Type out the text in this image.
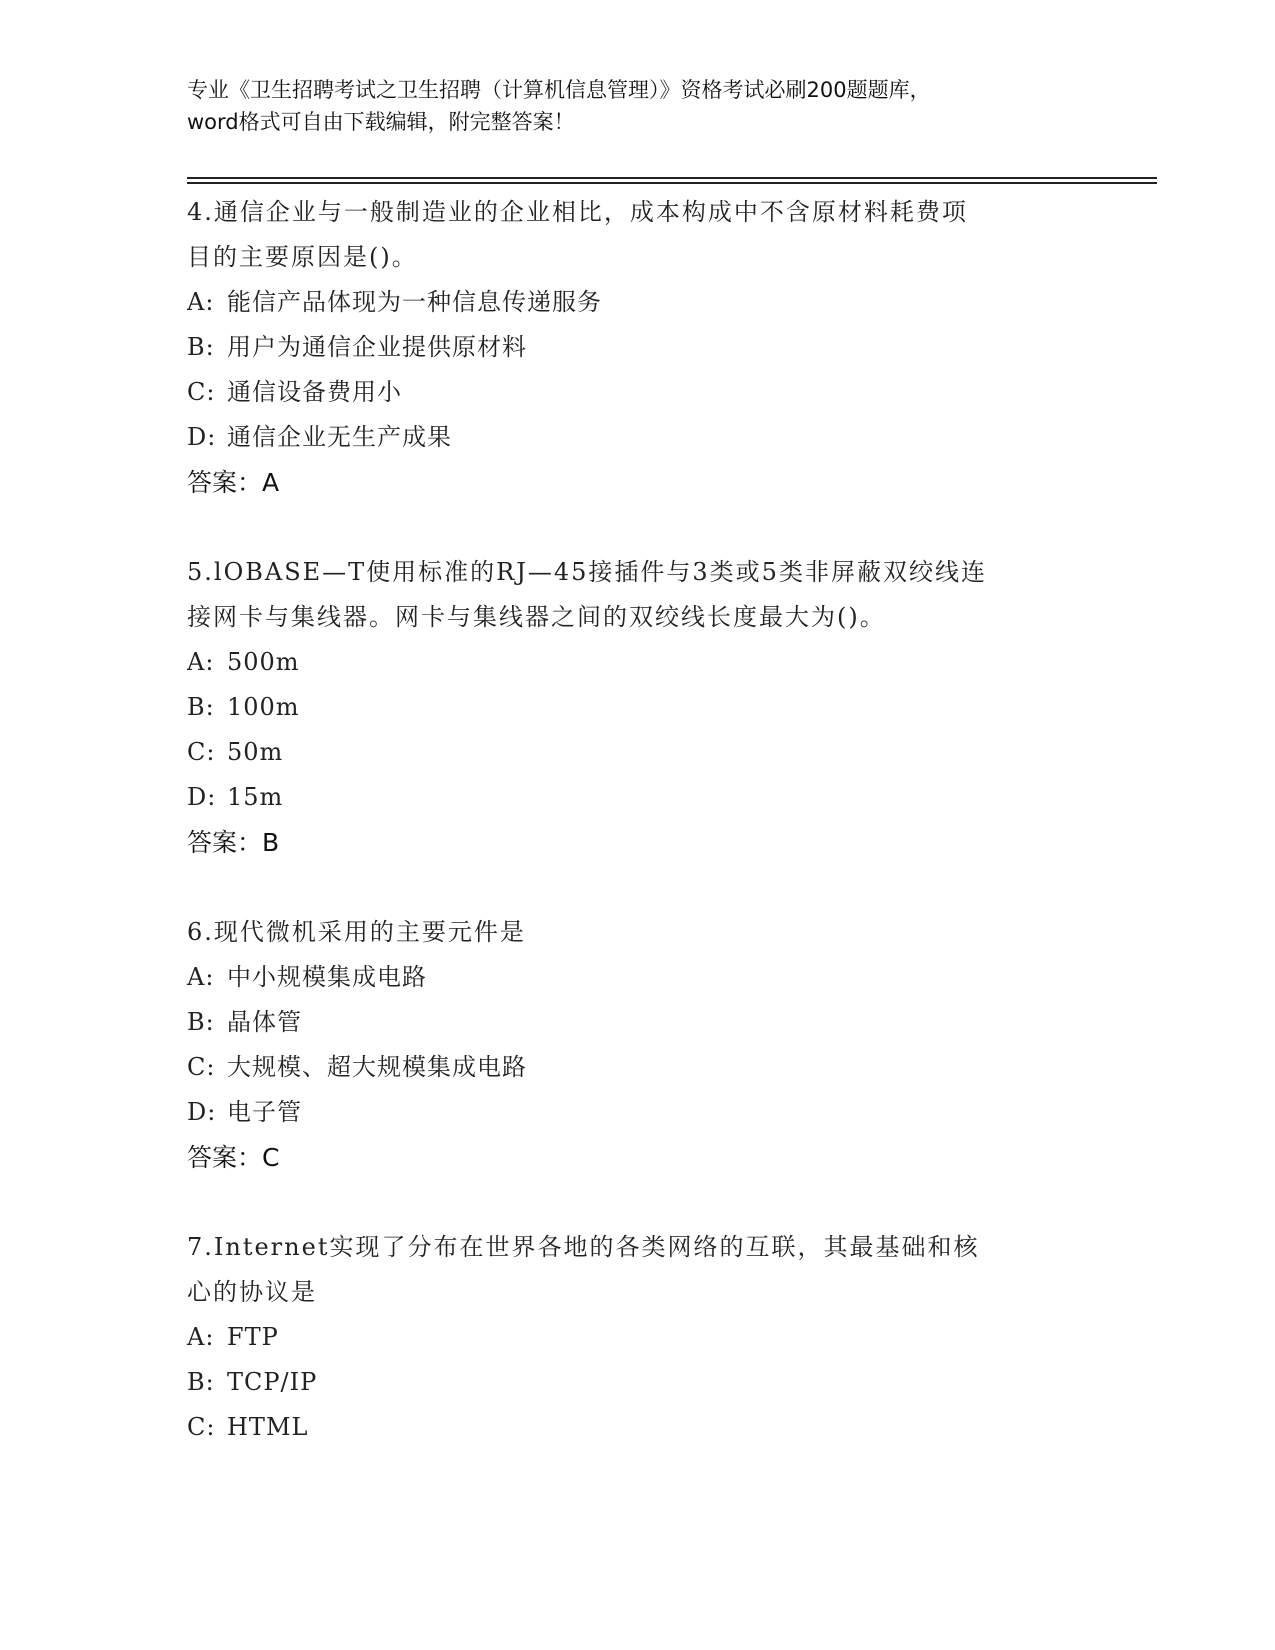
专业《卫生招聘考试之卫生招聘（计算机信息管理）》资格考试必刷200题题库，
word格式可自由下载编辑，附完整答案！
4.通信企业与一般制造业的企业相比，成本构成中不含原材料耗费项
目的主要原因是()。
A: 能信产品体现为一种信息传递服务
B: 用户为通信企业提供原材料
C: 通信设备费用小
D: 通信企业无生产成果
答案：A
5.lOBASE—T使用标准的RJ—45接插件与3类或5类非屏蔽双绞线连
接网卡与集线器。网卡与集线器之间的双绞线长度最大为()。
A: 500m
B: 100m
C: 50m
D: 15m
答案：B
6.现代微机采用的主要元件是
A: 中小规模集成电路
B: 晶体管
C: 大规模、超大规模集成电路
D: 电子管
答案：C
7.Internet实现了分布在世界各地的各类网络的互联，其最基础和核
心的协议是
A: FTP
B: TCP/IP
C: HTML
